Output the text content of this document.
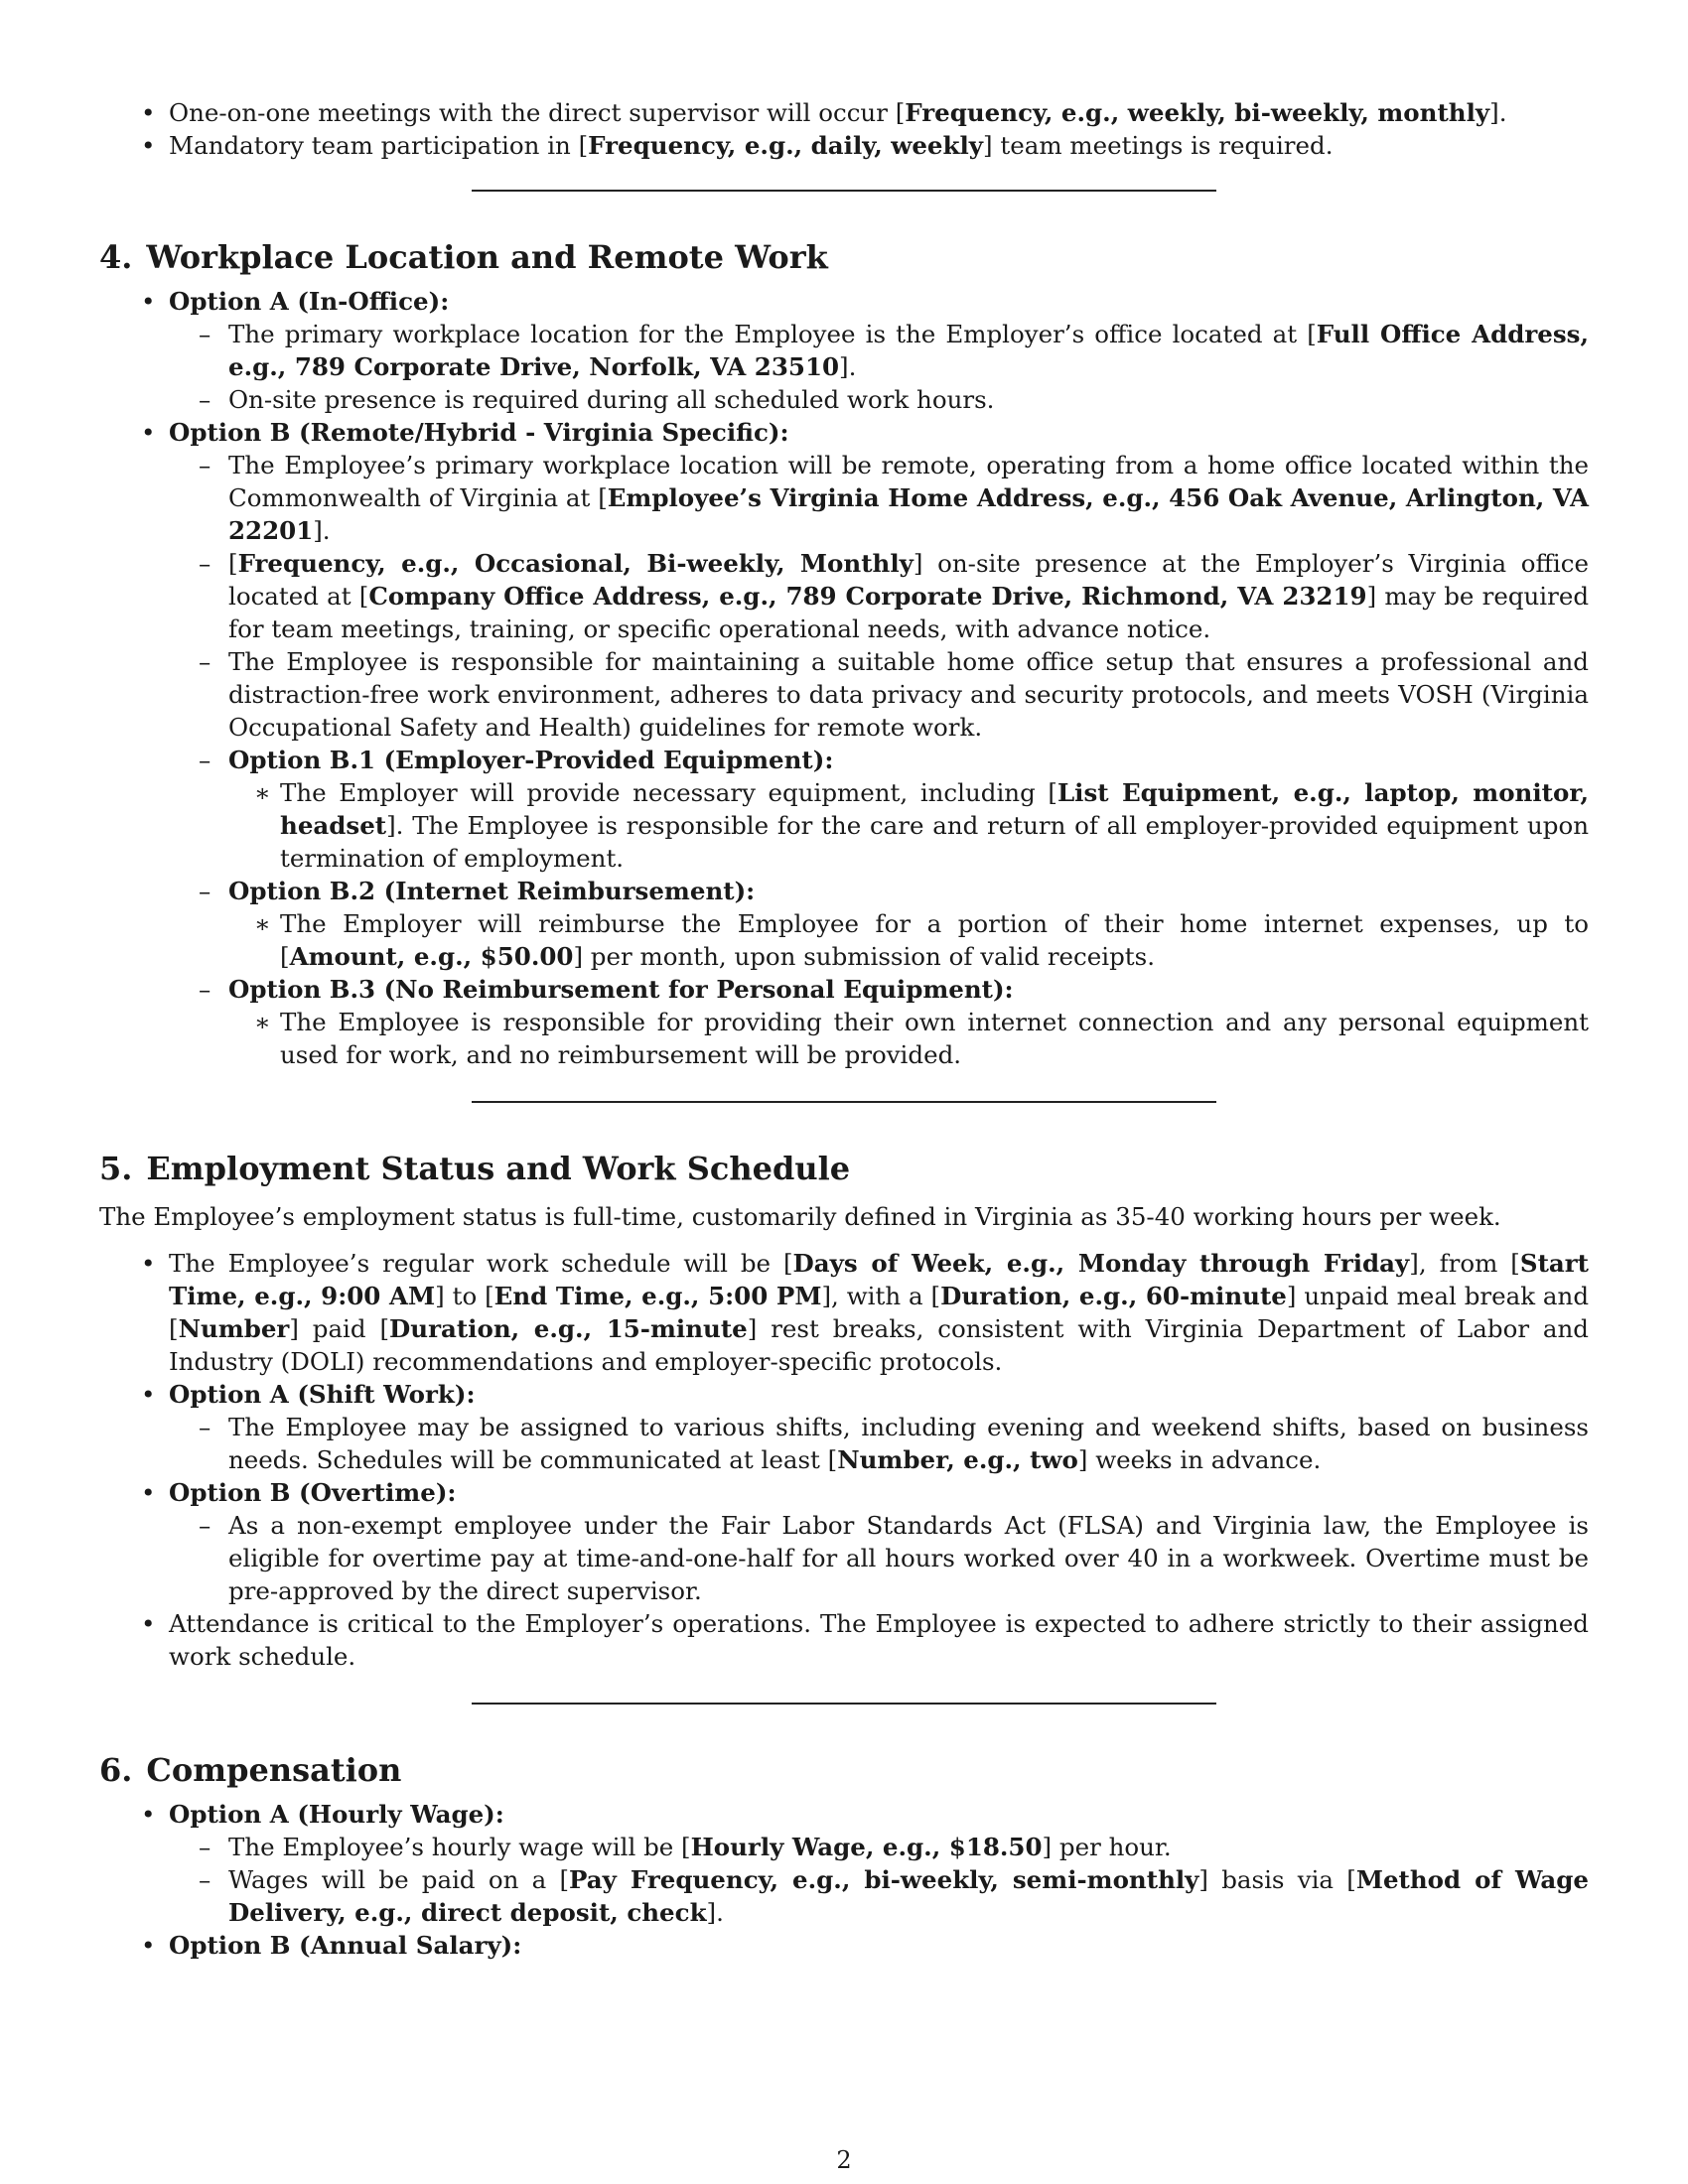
• One-on-one meetings with the direct supervisor will occur [Frequency, e.g., weekly, bi-weekly, monthly].
• Mandatory team participation in [Frequency, e.g., daily, weekly] team meetings is required.
4. Workplace Location and Remote Work
• Option A (In-Office):
– The primary workplace location for the Employee is the Employer’s office located at [Full Office Address, e.g., 789 Corporate Drive, Norfolk, VA 23510].
– On-site presence is required during all scheduled work hours.
• Option B (Remote/Hybrid - Virginia Specific):
– The Employee’s primary workplace location will be remote, operating from a home office located within the Commonwealth of Virginia at [Employee’s Virginia Home Address, e.g., 456 Oak Avenue, Arlington, VA 22201].
– [Frequency, e.g., Occasional, Bi-weekly, Monthly] on-site presence at the Employer’s Virginia office located at [Company Office Address, e.g., 789 Corporate Drive, Richmond, VA 23219] may be required for team meetings, training, or specific operational needs, with advance notice.
– The Employee is responsible for maintaining a suitable home office setup that ensures a professional and distraction-free work environment, adheres to data privacy and security protocols, and meets VOSH (Virginia Occupational Safety and Health) guidelines for remote work.
– Option B.1 (Employer-Provided Equipment):
∗ The Employer will provide necessary equipment, including [List Equipment, e.g., laptop, monitor, headset]. The Employee is responsible for the care and return of all employer-provided equipment upon termination of employment.
– Option B.2 (Internet Reimbursement):
∗ The Employer will reimburse the Employee for a portion of their home internet expenses, up to [Amount, e.g., $50.00] per month, upon submission of valid receipts.
– Option B.3 (No Reimbursement for Personal Equipment):
∗ The Employee is responsible for providing their own internet connection and any personal equipment used for work, and no reimbursement will be provided.
5. Employment Status and Work Schedule

The Employee’s employment status is full-time, customarily defined in Virginia as 35-40 working hours per week.

• The Employee’s regular work schedule will be [Days of Week, e.g., Monday through Friday], from [Start Time, e.g., 9:00 AM] to [End Time, e.g., 5:00 PM], with a [Duration, e.g., 60-minute] unpaid meal break and [Number] paid [Duration, e.g., 15-minute] rest breaks, consistent with Virginia Department of Labor and Industry (DOLI) recommendations and employer-specific protocols.
• Option A (Shift Work):
– The Employee may be assigned to various shifts, including evening and weekend shifts, based on business needs. Schedules will be communicated at least [Number, e.g., two] weeks in advance.
• Option B (Overtime):
– As a non-exempt employee under the Fair Labor Standards Act (FLSA) and Virginia law, the Employee is eligible for overtime pay at time-and-one-half for all hours worked over 40 in a workweek. Overtime must be pre-approved by the direct supervisor.
• Attendance is critical to the Employer’s operations. The Employee is expected to adhere strictly to their assigned work schedule.
6. Compensation
• Option A (Hourly Wage):
– The Employee’s hourly wage will be [Hourly Wage, e.g., $18.50] per hour.
– Wages will be paid on a [Pay Frequency, e.g., bi-weekly, semi-monthly] basis via [Method of Wage Delivery, e.g., direct deposit, check].
• Option B (Annual Salary):
2
